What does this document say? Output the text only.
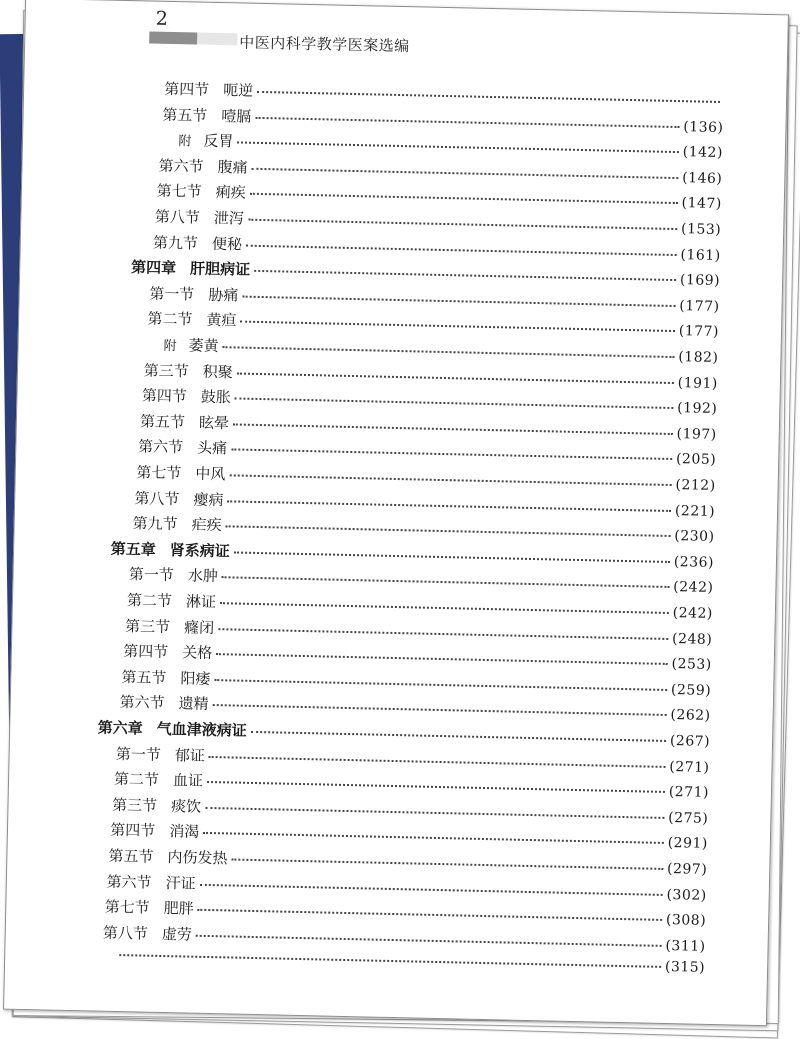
2
中医内科学教学医案选编
第四节 呃逆
第五节 噎膈
(136)
附 反胃
(142)
第六节 腹痛
(146)
第七节 痢疾
(147)
第八节 泄泻
(153)
第九节 便秘
(161)
第四章 肝胆病证
(169)
第一节 胁痛
(177)
第二节 黄疸
(177)
附 萎黄
(182)
第三节 积聚
(191)
第四节 鼓胀
(192)
第五节 眩晕
(197)
第六节 头痛
(205)
第七节 中风
(212)
第八节 瘿病
(221)
第九节 疟疾
(230)
第五章 肾系病证
(236)
第一节 水肿
(242)
第二节 淋证
(242)
第三节 癃闭
(248)
第四节 关格
(253)
第五节 阳痿
(259)
第六节 遗精
(262)
第六章 气血津液病证
(267)
第一节 郁证
(271)
第二节 血证
(271)
第三节 痰饮
(275)
第四节 消渴
(291)
第五节 内伤发热
(297)
第六节 汗证
(302)
第七节 肥胖
(308)
第八节 虚劳
(311)
(315)
